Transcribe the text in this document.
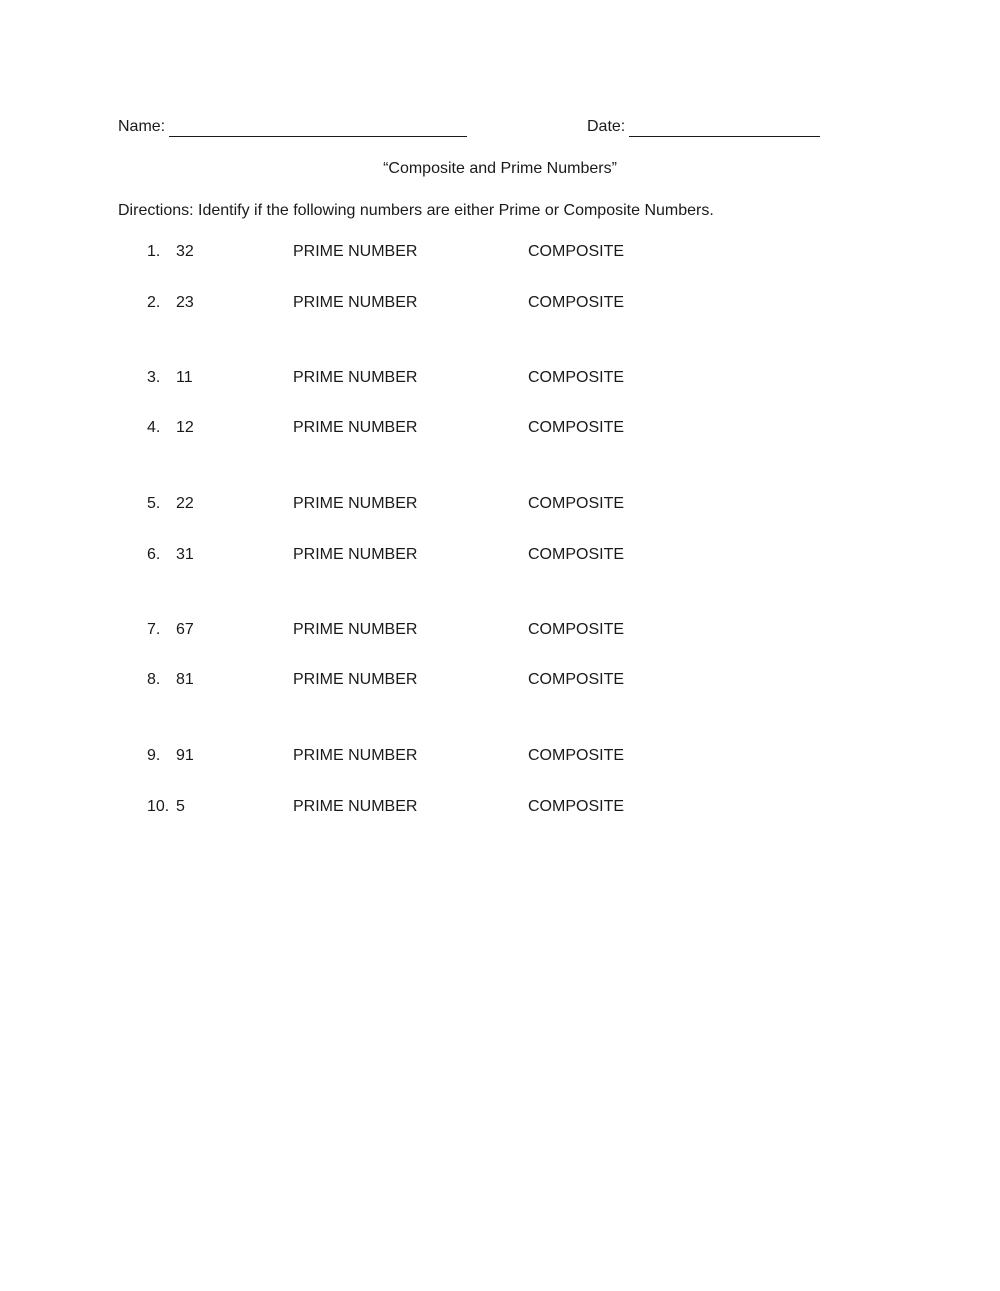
Name:	Date:
“Composite and Prime Numbers”
Directions: Identify if the following numbers are either Prime or Composite Numbers.
1. 32	PRIME NUMBER	COMPOSITE
2. 23	PRIME NUMBER	COMPOSITE
3. 11	PRIME NUMBER	COMPOSITE
4. 12	PRIME NUMBER	COMPOSITE
5. 22	PRIME NUMBER	COMPOSITE
6. 31	PRIME NUMBER	COMPOSITE
7. 67	PRIME NUMBER	COMPOSITE
8. 81	PRIME NUMBER	COMPOSITE
9. 91	PRIME NUMBER	COMPOSITE
10. 5	PRIME NUMBER	COMPOSITE
